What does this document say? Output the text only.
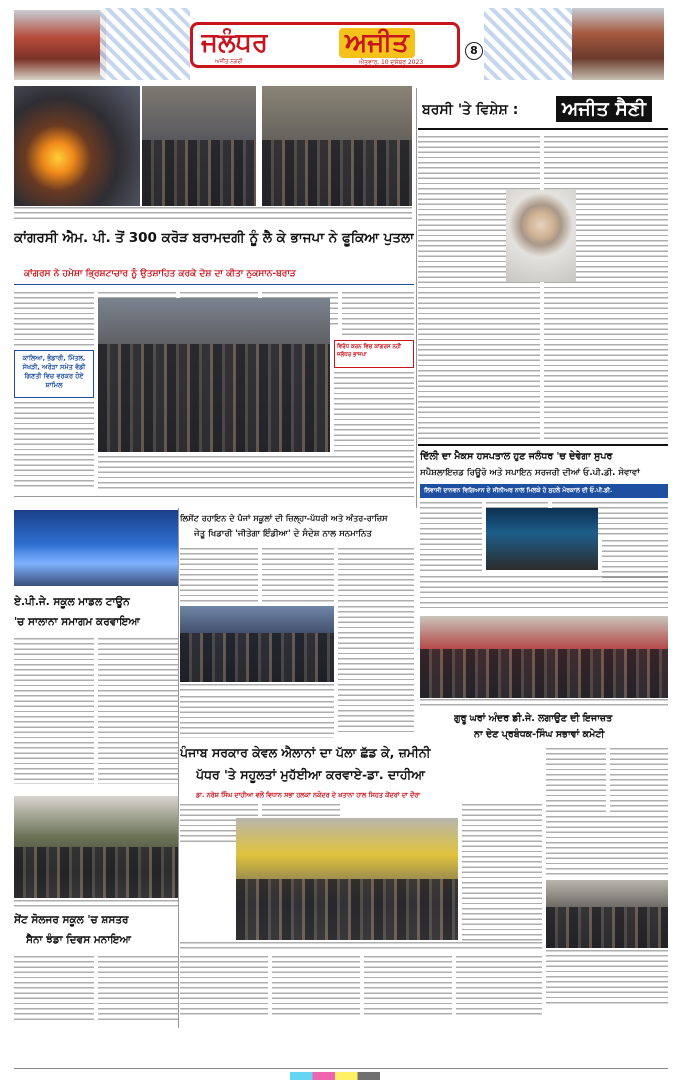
ਜਲੰਧਰ	ਅਜੀਤ
ਅਜੀਤ ਨਗਰੀ	ਐਤਵਾਰ, 10 ਦਸੰਬਰ 2023
8
ਕਾਂਗਰਸੀ ਐਮ. ਪੀ. ਤੋਂ 300 ਕਰੋੜ ਬਰਾਮਦਗੀ ਨੂੰ ਲੈ ਕੇ ਭਾਜਪਾ ਨੇ ਫੂਕਿਆ ਪੁਤਲਾ
ਕਾਂਗਰਸ ਨੇ ਹਮੇਸ਼ਾ ਭ੍ਰਿਸ਼ਟਾਚਾਰ ਨੂੰ ਉਤਸ਼ਾਹਿਤ ਕਰਕੇ ਦੇਸ਼ ਦਾ ਕੀਤਾ ਨੁਕਸਾਨ-ਬਰਾੜ
ਕਾਲਿਆ, ਭੰਡਾਰੀ, ਮਿੱਤਲ, ਸੇਖੜੀ, ਅਰੋੜਾ ਸਮੇਤ ਵੱਡੀ ਗਿਣਤੀ ਵਿਚ ਵਰਕਰ ਹੋਏ ਸ਼ਾਮਿਲ
ਵਿਰੋਧ ਕਰਨ ਵਿਚ ਕਾਂਗਰਸ ਨਹੀਂ ਜਲੰਧਰ ਭਾਜਪਾ
ਬਰਸੀ 'ਤੇ ਵਿਸ਼ੇਸ਼ :	ਅਜੀਤ ਸੈਣੀ
ਦਿੱਲੀ ਦਾ ਮੈਕਸ ਹਸਪਤਾਲ ਹੁਣ ਜਲੰਧਰ 'ਚ ਦੇਵੇਗਾ ਸੁਪਰ
ਸਪੈਸ਼ਲਾਇਜ਼ਡ ਰਿਊਰੋ ਅਤੇ ਸਪਾਇਨ ਸਰਜਰੀ ਦੀਆਂ ਓ.ਪੀ.ਡੀ. ਸੇਵਾਵਾਂ
ਲਿਵਾਸੀ ਦਾਨਵਨ ਵਿਗਿਆਨ ਦੇ ਸੀਨੀਅਰ ਨਾਲ ਮਿਲਕੇ ਹੋ ਸੁਹਲੇ ਮੋਰਕਾਲ ਦੀ ਓ.ਪੀ.ਡੀ.
ਗੁਰੂ ਘਰਾਂ ਅੰਦਰ ਡੀ.ਜੇ. ਲਗਾਉਣ ਦੀ ਇਜਾਜ਼ਤ
ਨਾ ਦੇਣ ਪ੍ਰਬੰਧਕ-ਸਿੰਘ ਸਭਾਵਾਂ ਕਮੇਟੀ
ਏ.ਪੀ.ਜੇ. ਸਕੂਲ ਮਾਡਲ ਟਾਊਨ
'ਚ ਸਾਲਾਨਾ ਸਮਾਗਮ ਕਰਵਾਇਆ
ਲਿਸੇਂਟ ਰਹਾਇਨ ਦੇ ਪੰਜਾਂ ਸਕੂਲਾਂ ਦੀ ਜ਼ਿਲ੍ਹਾ-ਪੱਧਰੀ ਅਤੇ ਅੰਤਰ-ਰਾਜ਼ਿਸ
ਜੇਤੂ ਖਿਡਾਰੀ 'ਜੀਤੇਗਾ ਇੰਡੀਆ' ਦੇ ਸੰਦੇਸ਼ ਨਾਲ ਸਨਮਾਨਿਤ
ਪੰਜਾਬ ਸਰਕਾਰ ਕੇਵਲ ਐਲਾਨਾਂ ਦਾ ਪੱਲਾ ਛੱਡ ਕੇ, ਜ਼ਮੀਨੀ
ਪੱਧਰ 'ਤੇ ਸਹੂਲਤਾਂ ਮੁਹੱਈਆ ਕਰਵਾਏ-ਡਾ. ਦਾਹੀਆ
ਡਾ. ਨਰੇਸ਼ ਸਿੰਘ ਦਾਹੀਆ ਵਲੋਂ ਵਿਧਾਨ ਸਭਾ ਹਲਕਾ ਨਕੋਦਰ ਦੇ ਖ਼ਤਾਨਾ ਹਾਲ ਸਿਹਤ ਕੇਂਦਰਾਂ ਦਾ ਦੌਰਾ
ਸੇਂਟ ਸੋਲਜਰ ਸਕੂਲ 'ਚ ਸ਼ਸਤਰ
ਸੈਨਾ ਝੰਡਾ ਦਿਵਸ ਮਨਾਇਆ
